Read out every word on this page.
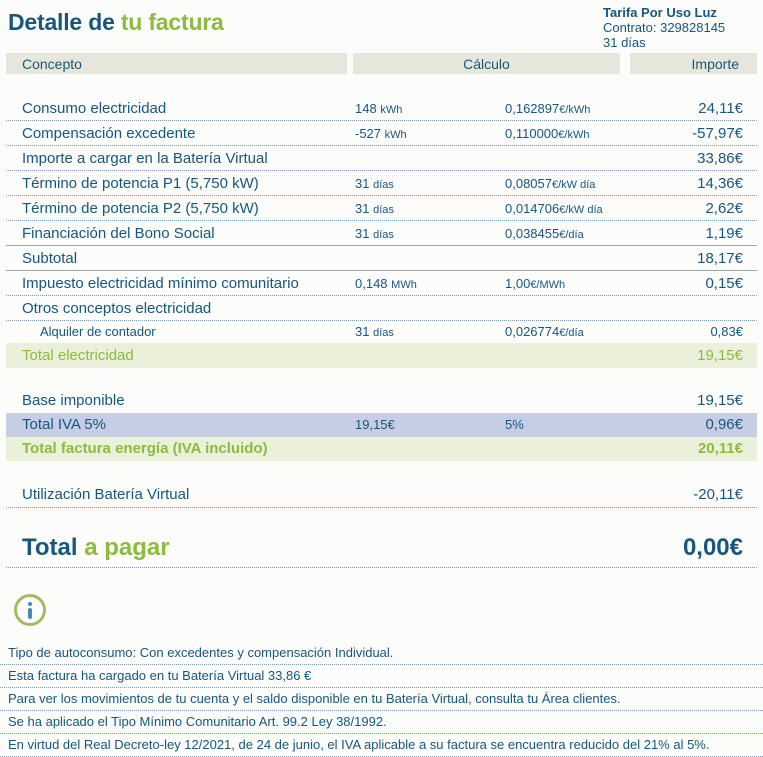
Detalle de tu factura	Tarifa Por Uso Luz
Contrato: 329828145
31 días
Concepto	Cálculo	Importe
Consumo electricidad	148 kWh	0,162897€/kWh	24,11€
Compensación excedente	-527 kWh	0,110000€/kWh	-57,97€
Importe a cargar en la Batería Virtual	33,86€
Término de potencia P1 (5,750 kW)	31 días	0,08057€/kW día	14,36€
Término de potencia P2 (5,750 kW)	31 días	0,014706€/kW día	2,62€
Financiación del Bono Social	31 días	0,038455€/día	1,19€
Subtotal	18,17€
Impuesto electricidad mínimo comunitario	0,148 MWh	1,00€/MWh	0,15€
Otros conceptos electricidad
Alquiler de contador	31 días	0,026774€/día	0,83€
Total electricidad	19,15€
Base imponible	19,15€
Total IVA 5%	19,15€	5%	0,96€
Total factura energía (IVA incluido)	20,11€
Utilización Batería Virtual	-20,11€
Total a pagar	0,00€
Tipo de autoconsumo: Con excedentes y compensación Individual.
Esta factura ha cargado en tu Batería Virtual 33,86 €
Para ver los movimientos de tu cuenta y el saldo disponible en tu Batería Virtual, consulta tu Área clientes.
Se ha aplicado el Tipo Mínimo Comunitario Art. 99.2 Ley 38/1992.
En virtud del Real Decreto-ley 12/2021, de 24 de junio, el IVA aplicable a su factura se encuentra reducido del 21% al 5%.
